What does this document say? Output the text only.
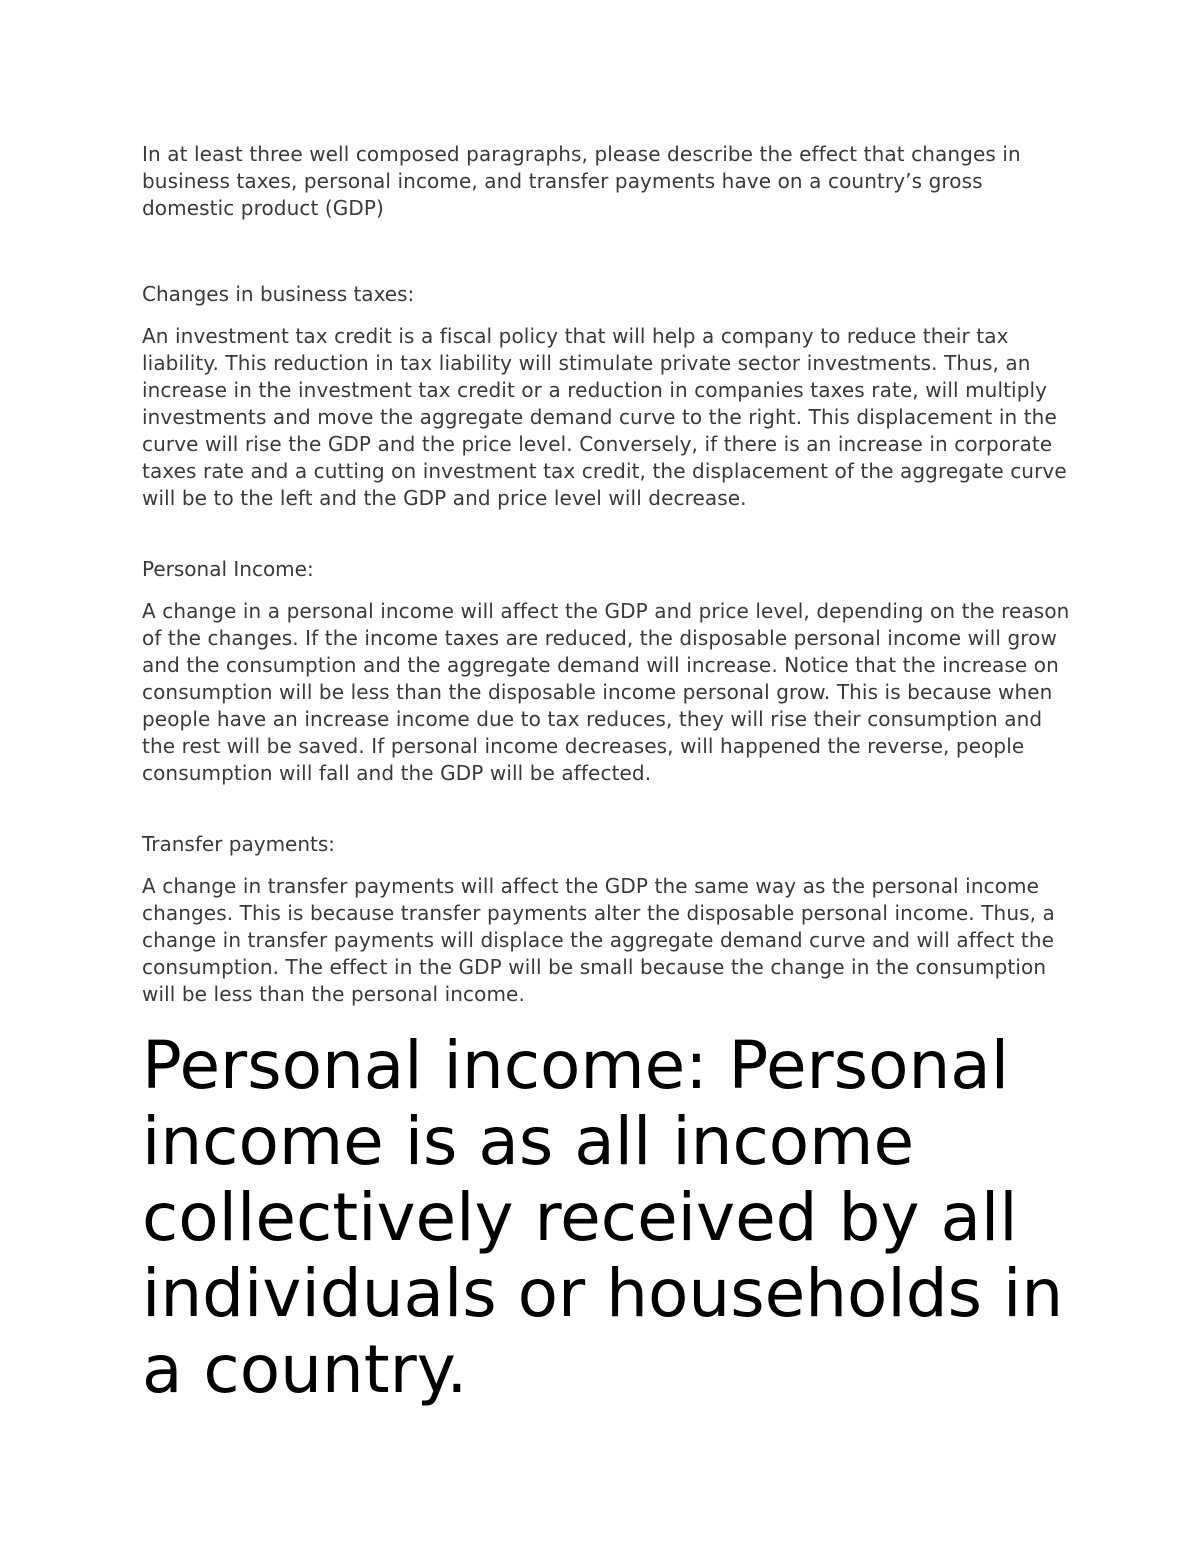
In at least three well composed paragraphs, please describe the effect that changes in business taxes, personal income, and transfer payments have on a country’s gross domestic product (GDP)

Changes in business taxes:

An investment tax credit is a fiscal policy that will help a company to reduce their tax liability. This reduction in tax liability will stimulate private sector investments. Thus, an increase in the investment tax credit or a reduction in companies taxes rate, will multiply investments and move the aggregate demand curve to the right. This displacement in the curve will rise the GDP and the price level. Conversely, if there is an increase in corporate taxes rate and a cutting on investment tax credit, the displacement of the aggregate curve will be to the left and the GDP and price level will decrease.

Personal Income:

A change in a personal income will affect the GDP and price level, depending on the reason of the changes. If the income taxes are reduced, the disposable personal income will grow and the consumption and the aggregate demand will increase. Notice that the increase on consumption will be less than the disposable income personal grow. This is because when people have an increase income due to tax reduces, they will rise their consumption and the rest will be saved. If personal income decreases, will happened the reverse, people consumption will fall and the GDP will be affected.

Transfer payments:

A change in transfer payments will affect the GDP the same way as the personal income changes. This is because transfer payments alter the disposable personal income. Thus, a change in transfer payments will displace the aggregate demand curve and will affect the consumption. The effect in the GDP will be small because the change in the consumption will be less than the personal income.

Personal income: Personal income is as all income collectively received by all individuals or households in a country.
